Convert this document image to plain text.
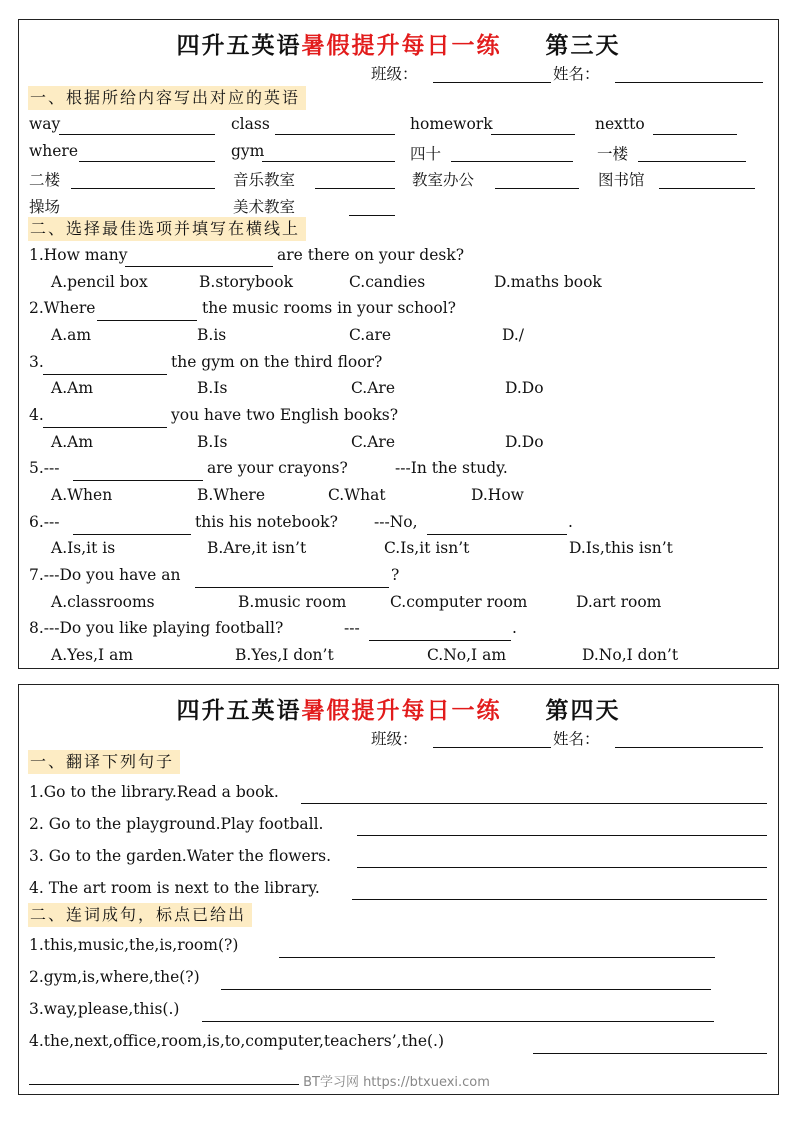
四升五英语暑假提升每日一练 第三天
班级：	姓名：
一、根据所给内容写出对应的英语
way	class	homework	nextto
where	gym	四十	一楼
二楼	音乐教室	教室办公	图书馆
操场	美术教室
二、选择最佳选项并填写在横线上
1.How many	are there on your desk?
A.pencil box	B.storybook	C.candies	D.maths book
2.Where	the music rooms in your school?
A.am	B.is	C.are	D./
3.	the gym on the third floor?
A.Am	B.Is	C.Are	D.Do
4.	you have two English books?
A.Am	B.Is	C.Are	D.Do
5.---	are your crayons?	---In the study.
A.When	B.Where	C.What	D.How
6.---	this his notebook? ---No,	.
A.Is,it is	B.Are,it isn’t	C.Is,it isn’t	D.Is,this isn’t
7.---Do you have an	?
A.classrooms	B.music room	C.computer room	D.art room
8.---Do you like playing football?	---	.
A.Yes,I am	B.Yes,I don’t	C.No,I am	D.No,I don’t
四升五英语暑假提升每日一练 第四天
班级：	姓名：
一、翻译下列句子
1.Go to the library.Read a book.
2. Go to the playground.Play football.
3. Go to the garden.Water the flowers.
4. The art room is next to the library.
二、连词成句，标点已给出
1.this,music,the,is,room(?)
2.gym,is,where,the(?)
3.way,please,this(.)
4.the,next,office,room,is,to,computer,teachers’,the(.)
BT学习网 https://btxuexi.com
